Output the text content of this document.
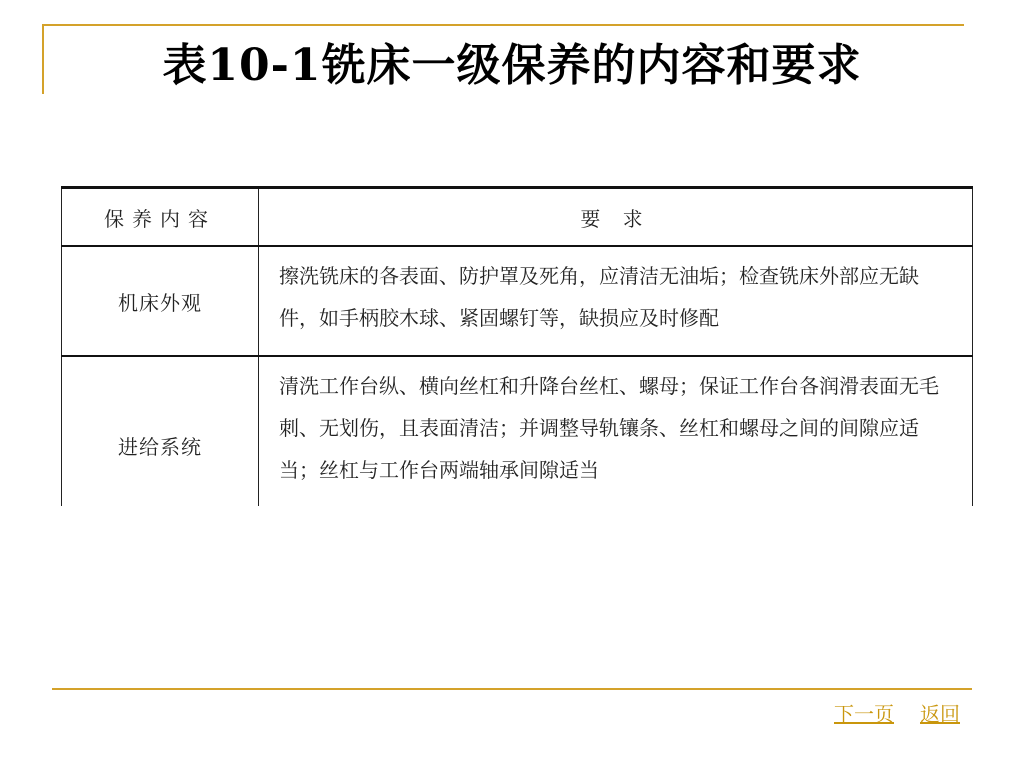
表10-1铣床一级保养的内容和要求
保养内容	要 求
机床外观	擦洗铣床的各表面、防护罩及死角，应清洁无油垢；检查铣床外部应无缺件，如手柄胶木球、紧固螺钉等，缺损应及时修配
进给系统	清洗工作台纵、横向丝杠和升降台丝杠、螺母；保证工作台各润滑表面无毛刺、无划伤，且表面清洁；并调整导轨镶条、丝杠和螺母之间的间隙应适当；丝杠与工作台两端轴承间隙适当
下一页 返回
